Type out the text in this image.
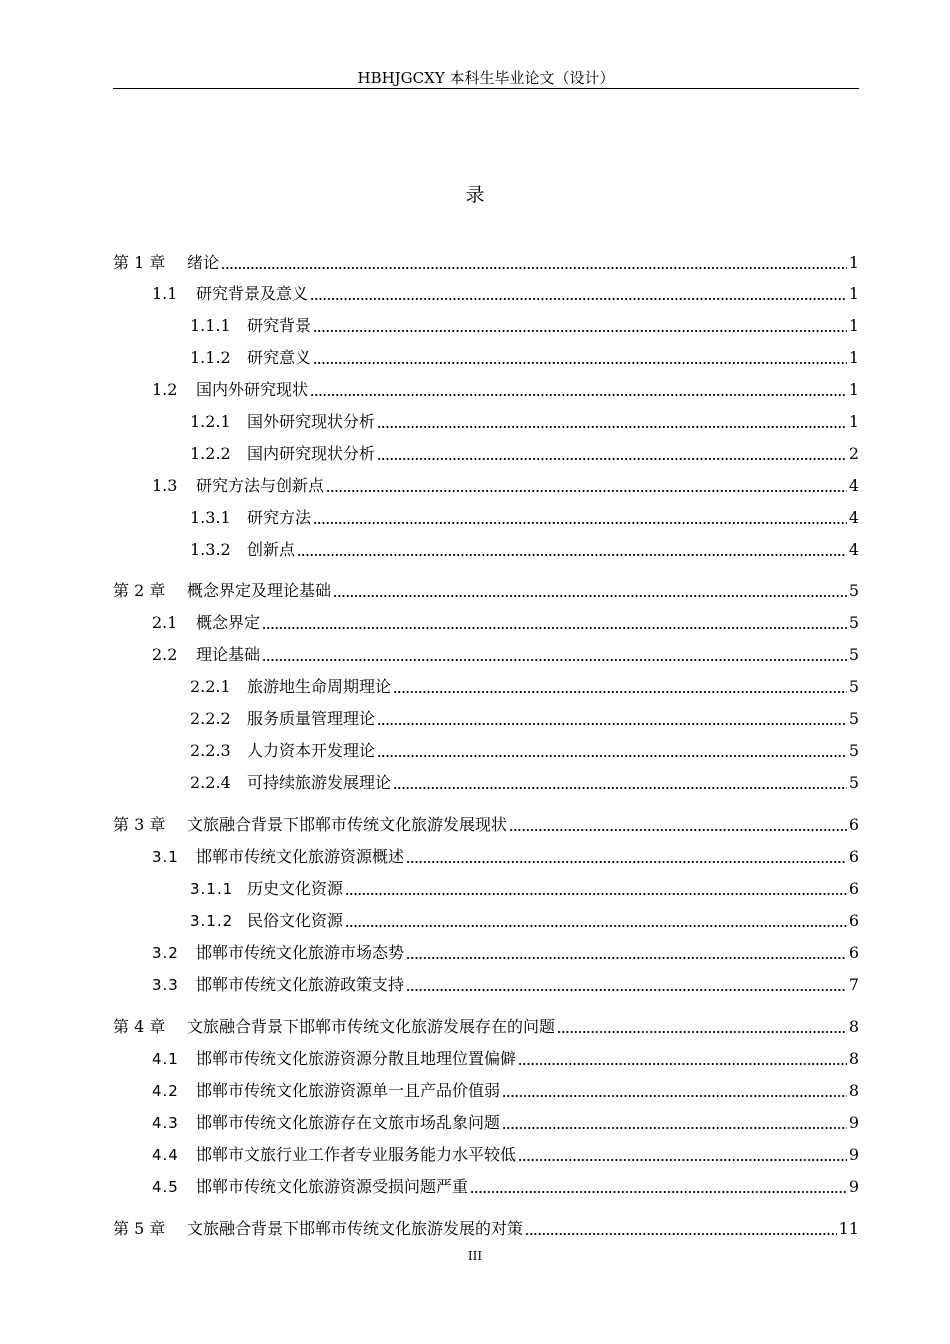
HBHJGCXY 本科生毕业论文（设计）
录
第 1 章	绪论	1
1.1	研究背景及意义	1
1.1.1	研究背景	1
1.1.2	研究意义	1
1.2	国内外研究现状	1
1.2.1	国外研究现状分析	1
1.2.2	国内研究现状分析	2
1.3	研究方法与创新点	4
1.3.1	研究方法	4
1.3.2	创新点	4
第 2 章	概念界定及理论基础	5
2.1	概念界定	5
2.2	理论基础	5
2.2.1	旅游地生命周期理论	5
2.2.2	服务质量管理理论	5
2.2.3	人力资本开发理论	5
2.2.4	可持续旅游发展理论	5
第 3 章	文旅融合背景下邯郸市传统文化旅游发展现状	6
3.1	邯郸市传统文化旅游资源概述	6
3.1.1 历史文化资源	6
3.1.2 民俗文化资源	6
3.2	邯郸市传统文化旅游市场态势	6
3.3	邯郸市传统文化旅游政策支持	7
第 4 章	文旅融合背景下邯郸市传统文化旅游发展存在的问题	8
4.1	邯郸市传统文化旅游资源分散且地理位置偏僻	8
4.2	邯郸市传统文化旅游资源单一且产品价值弱	8
4.3	邯郸市传统文化旅游存在文旅市场乱象问题	9
4.4	邯郸市文旅行业工作者专业服务能力水平较低	9
4.5	邯郸市传统文化旅游资源受损问题严重	9
第 5 章	文旅融合背景下邯郸市传统文化旅游发展的对策	11
III
